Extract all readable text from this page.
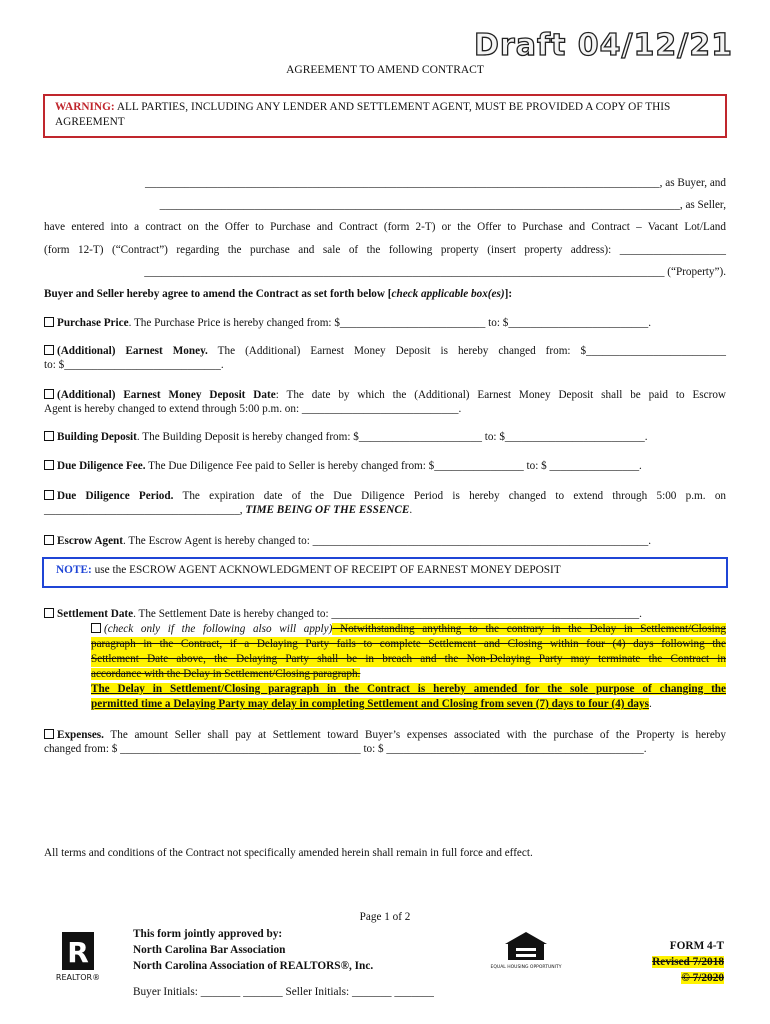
Draft 04/12/21
AGREEMENT TO AMEND CONTRACT
WARNING: ALL PARTIES, INCLUDING ANY LENDER AND SETTLEMENT AGENT, MUST BE PROVIDED A COPY OF THIS AGREEMENT
____________________________________________________________________________________________, as Buyer, and
_____________________________________________________________________________________________, as Seller,
have entered into a contract on the Offer to Purchase and Contract (form 2-T) or the Offer to Purchase and Contract – Vacant Lot/Land
(form 12-T) (“Contract”) regarding the purchase and sale of the following property (insert property address): ___________________
_____________________________________________________________________________________________ (“Property”).
Buyer and Seller hereby agree to amend the Contract as set forth below [check applicable box(es)]:
Purchase Price. The Purchase Price is hereby changed from: $__________________________ to: $_________________________.
(Additional) Earnest Money. The (Additional) Earnest Money Deposit is hereby changed from: $_________________________
to: $____________________________.
(Additional) Earnest Money Deposit Date: The date by which the (Additional) Earnest Money Deposit shall be paid to Escrow
Agent is hereby changed to extend through 5:00 p.m. on: ____________________________.
Building Deposit. The Building Deposit is hereby changed from: $______________________ to: $_________________________.
Due Diligence Fee. The Due Diligence Fee paid to Seller is hereby changed from: $________________ to: $ ________________.
Due Diligence Period. The expiration date of the Due Diligence Period is hereby changed to extend through 5:00 p.m. on
___________________________________, TIME BEING OF THE ESSENCE.
Escrow Agent. The Escrow Agent is hereby changed to: ____________________________________________________________.
NOTE: use the ESCROW AGENT ACKNOWLEDGMENT OF RECEIPT OF EARNEST MONEY DEPOSIT
Settlement Date. The Settlement Date is hereby changed to: _______________________________________________________.
(check only if the following also will apply) Notwithstanding anything to the contrary in the Delay in Settlement/Closing
paragraph in the Contract, if a Delaying Party fails to complete Settlement and Closing within four (4) days following the
Settlement Date above, the Delaying Party shall be in breach and the Non-Delaying Party may terminate the Contract in
accordance with the Delay in Settlement/Closing paragraph.
The Delay in Settlement/Closing paragraph in the Contract is hereby amended for the sole purpose of changing the
permitted time a Delaying Party may delay in completing Settlement and Closing from seven (7) days to four (4) days.
Expenses. The amount Seller shall pay at Settlement toward Buyer’s expenses associated with the purchase of the Property is hereby
changed from: $ ___________________________________________ to: $ ______________________________________________.
All terms and conditions of the Contract not specifically amended herein shall remain in full force and effect.
Page 1 of 2
R
REALTOR®
This form jointly approved by:
North Carolina Bar Association
North Carolina Association of REALTORS®, Inc.	EQUAL HOUSING OPPORTUNITY
FORM 4-T
Revised 7/2018
© 7/2020
Buyer Initials: _______ _______ Seller Initials: _______ _______
